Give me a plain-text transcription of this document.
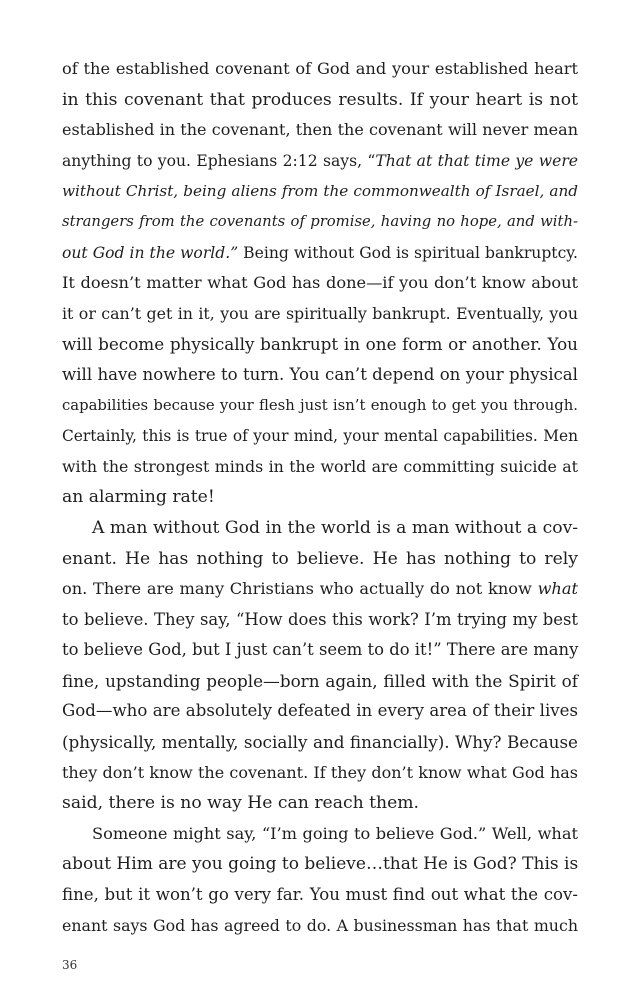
of the established covenant of God and your established heart
in this covenant that produces results. If your heart is not
established in the covenant, then the covenant will never mean
anything to you. Ephesians 2:12 says, “That at that time ye were
without Christ, being aliens from the commonwealth of Israel, and
strangers from the covenants of promise, having no hope, and with-
out God in the world.” Being without God is spiritual bankruptcy.
It doesn’t matter what God has done—if you don’t know about
it or can’t get in it, you are spiritually bankrupt. Eventually, you
will become physically bankrupt in one form or another. You
will have nowhere to turn. You can’t depend on your physical
capabilities because your flesh just isn’t enough to get you through.
Certainly, this is true of your mind, your mental capabilities. Men
with the strongest minds in the world are committing suicide at
an alarming rate!
A man without God in the world is a man without a cov-
enant. He has nothing to believe. He has nothing to rely
on. There are many Christians who actually do not know what
to believe. They say, “How does this work? I’m trying my best
to believe God, but I just can’t seem to do it!” There are many
fine, upstanding people—born again, filled with the Spirit of
God—who are absolutely defeated in every area of their lives
(physically, mentally, socially and financially). Why? Because
they don’t know the covenant. If they don’t know what God has
said, there is no way He can reach them.
Someone might say, “I’m going to believe God.” Well, what
about Him are you going to believe…that He is God? This is
fine, but it won’t go very far. You must find out what the cov-
enant says God has agreed to do. A businessman has that much
36
